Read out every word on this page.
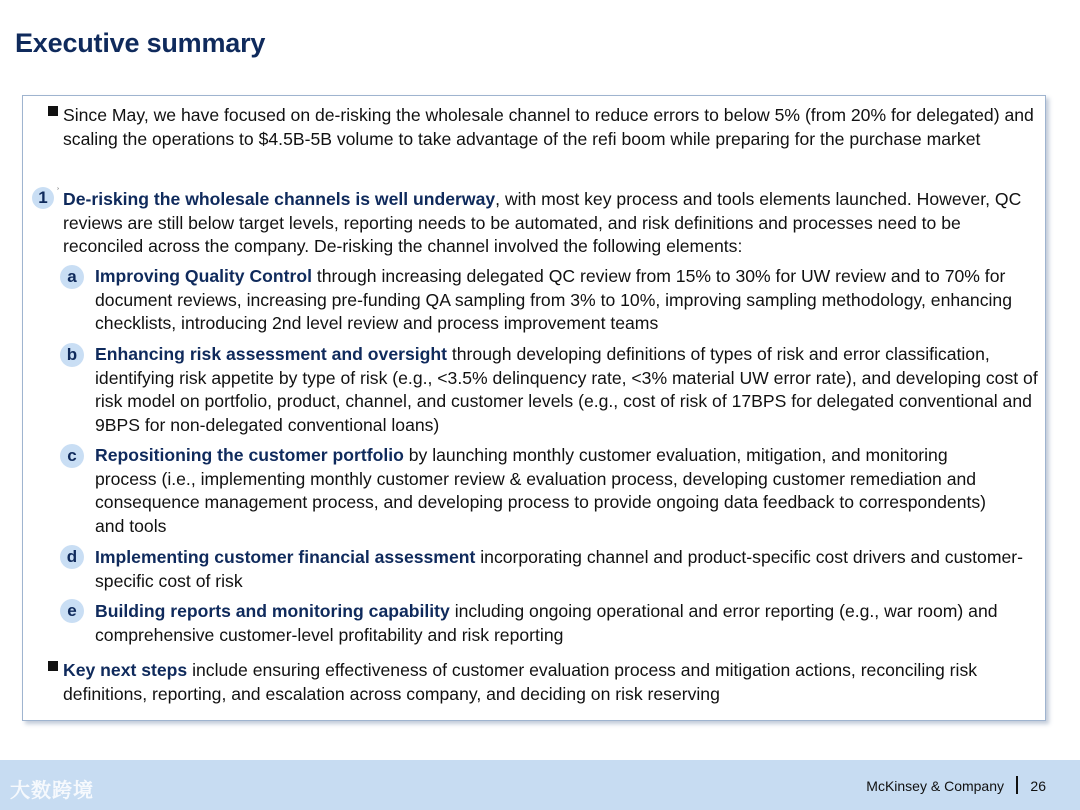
Executive summary
Since May, we have focused on de-risking the wholesale channel to reduce errors to below 5% (from 20% for delegated) and scaling the operations to $4.5B-5B volume to take advantage of the refi boom while preparing for the purchase market
1 ʾ De-risking the wholesale channels is well underway, with most key process and tools elements launched. However, QC reviews are still below target levels, reporting needs to be automated, and risk definitions and processes need to be reconciled across the company. De-risking the channel involved the following elements:
a	Improving Quality Control through increasing delegated QC review from 15% to 30% for UW review and to 70% for document reviews, increasing pre-funding QA sampling from 3% to 10%, improving sampling methodology, enhancing checklists, introducing 2nd level review and process improvement teams
b	Enhancing risk assessment and oversight through developing definitions of types of risk and error classification, identifying risk appetite by type of risk (e.g., <3.5% delinquency rate, <3% material UW error rate), and developing cost of risk model on portfolio, product, channel, and customer levels (e.g., cost of risk of 17BPS for delegated conventional and 9BPS for non-delegated conventional loans)
c	Repositioning the customer portfolio by launching monthly customer evaluation, mitigation, and monitoring process (i.e., implementing monthly customer review & evaluation process, developing customer remediation and consequence management process, and developing process to provide ongoing data feedback to correspondents) and tools
d	Implementing customer financial assessment incorporating channel and product-specific cost drivers and customer-specific cost of risk
e	Building reports and monitoring capability including ongoing operational and error reporting (e.g., war room) and comprehensive customer-level profitability and risk reporting
Key next steps include ensuring effectiveness of customer evaluation process and mitigation actions, reconciling risk definitions, reporting, and escalation across company, and deciding on risk reserving
大数跨境	McKinsey & Company 26
